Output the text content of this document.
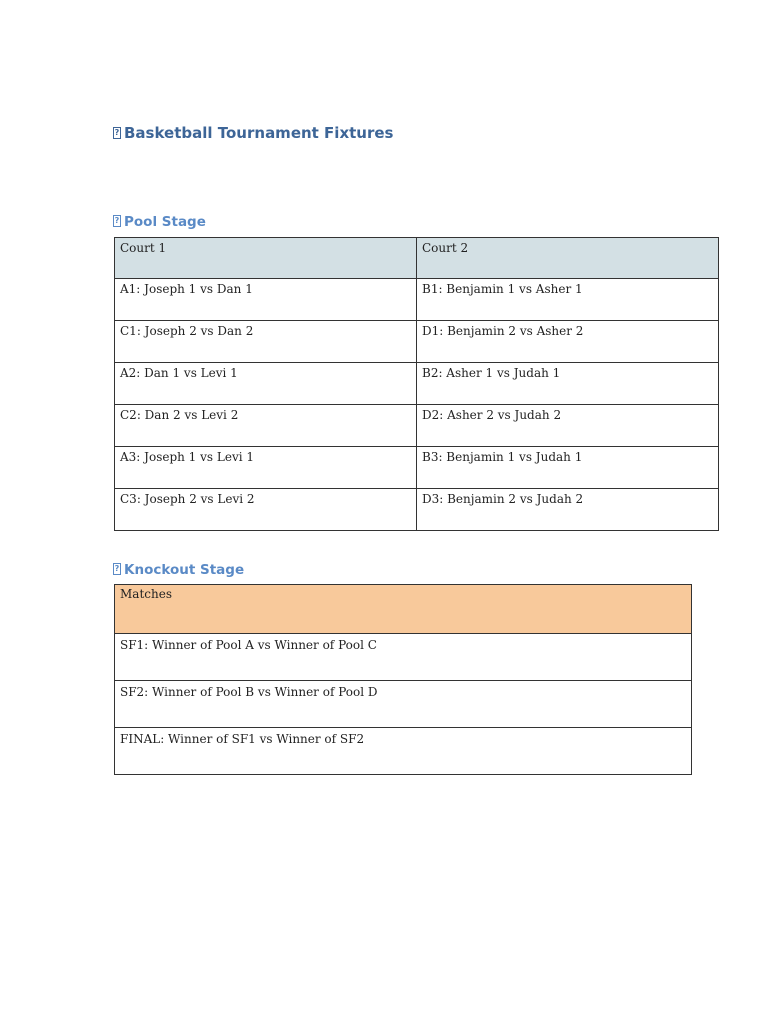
?Basketball Tournament Fixtures
?Pool Stage
Court 1	Court 2
A1: Joseph 1 vs Dan 1	B1: Benjamin 1 vs Asher 1
C1: Joseph 2 vs Dan 2	D1: Benjamin 2 vs Asher 2
A2: Dan 1 vs Levi 1	B2: Asher 1 vs Judah 1
C2: Dan 2 vs Levi 2	D2: Asher 2 vs Judah 2
A3: Joseph 1 vs Levi 1	B3: Benjamin 1 vs Judah 1
C3: Joseph 2 vs Levi 2	D3: Benjamin 2 vs Judah 2
?Knockout Stage
Matches
SF1: Winner of Pool A vs Winner of Pool C
SF2: Winner of Pool B vs Winner of Pool D
FINAL: Winner of SF1 vs Winner of SF2
